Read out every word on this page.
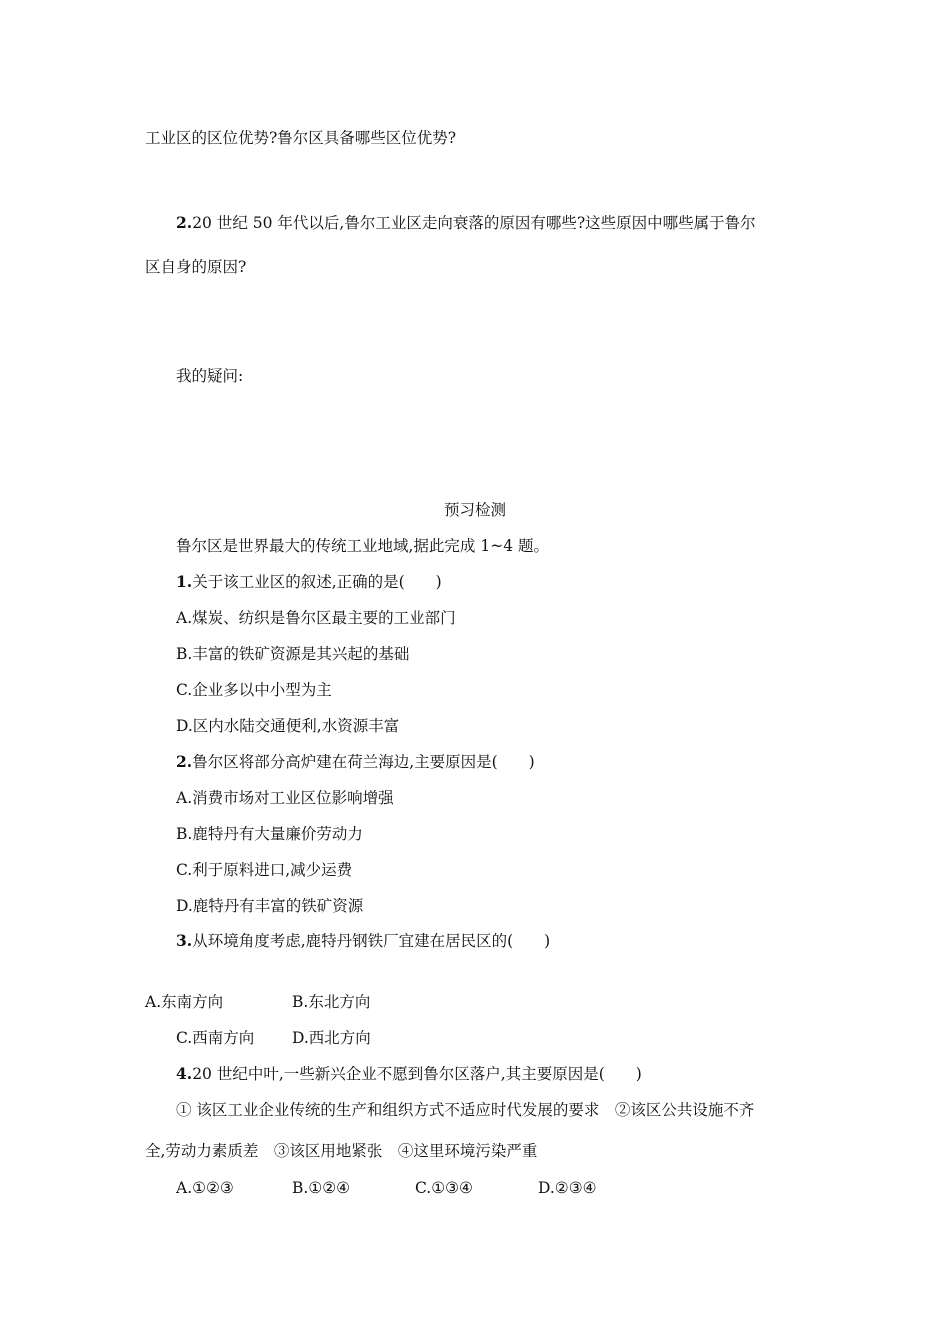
工业区的区位优势?鲁尔区具备哪些区位优势?
2.20 世纪 50 年代以后,鲁尔工业区走向衰落的原因有哪些?这些原因中哪些属于鲁尔
区自身的原因?
我的疑问:
预习检测
鲁尔区是世界最大的传统工业地域,据此完成 1~4 题。
1.关于该工业区的叙述,正确的是(　　)
A.煤炭、纺织是鲁尔区最主要的工业部门
B.丰富的铁矿资源是其兴起的基础
C.企业多以中小型为主
D.区内水陆交通便利,水资源丰富
2.鲁尔区将部分高炉建在荷兰海边,主要原因是(　　)
A.消费市场对工业区位影响增强
B.鹿特丹有大量廉价劳动力
C.利于原料进口,减少运费
D.鹿特丹有丰富的铁矿资源
3.从环境角度考虑,鹿特丹钢铁厂宜建在居民区的(　　)
A.东南方向	B.东北方向
C.西南方向 D.西北方向
4.20 世纪中叶,一些新兴企业不愿到鲁尔区落户,其主要原因是(　　)
① 该区工业企业传统的生产和组织方式不适应时代发展的要求　②该区公共设施不齐
全,劳动力素质差　③该区用地紧张　④这里环境污染严重
A.①②③	B.①②④	C.①③④	D.②③④
